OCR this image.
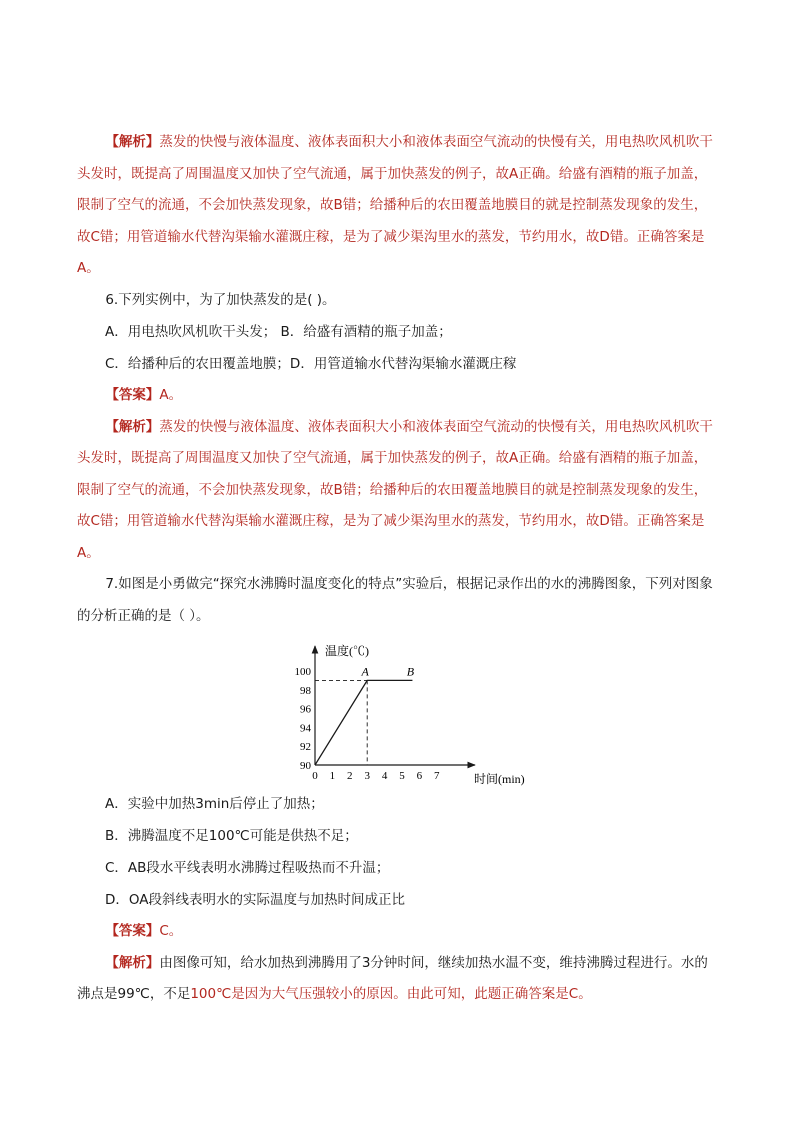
【解析】蒸发的快慢与液体温度、液体表面积大小和液体表面空气流动的快慢有关，用电热吹风机吹干头发时，既提高了周围温度又加快了空气流通，属于加快蒸发的例子，故A正确。给盛有酒精的瓶子加盖，限制了空气的流通，不会加快蒸发现象，故B错；给播种后的农田覆盖地膜目的就是控制蒸发现象的发生，故C错；用管道输水代替沟渠输水灌溉庄稼，是为了减少渠沟里水的蒸发，节约用水，故D错。正确答案是A。

6.下列实例中，为了加快蒸发的是( )。

A．用电热吹风机吹干头发； B．给盛有酒精的瓶子加盖；

C．给播种后的农田覆盖地膜；D．用管道输水代替沟渠输水灌溉庄稼

【答案】A。

【解析】蒸发的快慢与液体温度、液体表面积大小和液体表面空气流动的快慢有关，用电热吹风机吹干头发时，既提高了周围温度又加快了空气流通，属于加快蒸发的例子，故A正确。给盛有酒精的瓶子加盖，限制了空气的流通，不会加快蒸发现象，故B错；给播种后的农田覆盖地膜目的就是控制蒸发现象的发生，故C错；用管道输水代替沟渠输水灌溉庄稼，是为了减少渠沟里水的蒸发，节约用水，故D错。正确答案是A。

7.如图是小勇做完“探究水沸腾时温度变化的特点”实验后，根据记录作出的水的沸腾图象，下列对图象的分析正确的是（ ）。

温度(℃)
时间(min)
0 1 2 3 4 5 6 7
90
92
94
96
98
100	A	B

A．实验中加热3min后停止了加热；

B．沸腾温度不足100℃可能是供热不足；

C．AB段水平线表明水沸腾过程吸热而不升温；

D．OA段斜线表明水的实际温度与加热时间成正比

【答案】C。

【解析】由图像可知，给水加热到沸腾用了3分钟时间，继续加热水温不变，维持沸腾过程进行。水的沸点是99℃，不足100℃是因为大气压强较小的原因。由此可知，此题正确答案是C。
